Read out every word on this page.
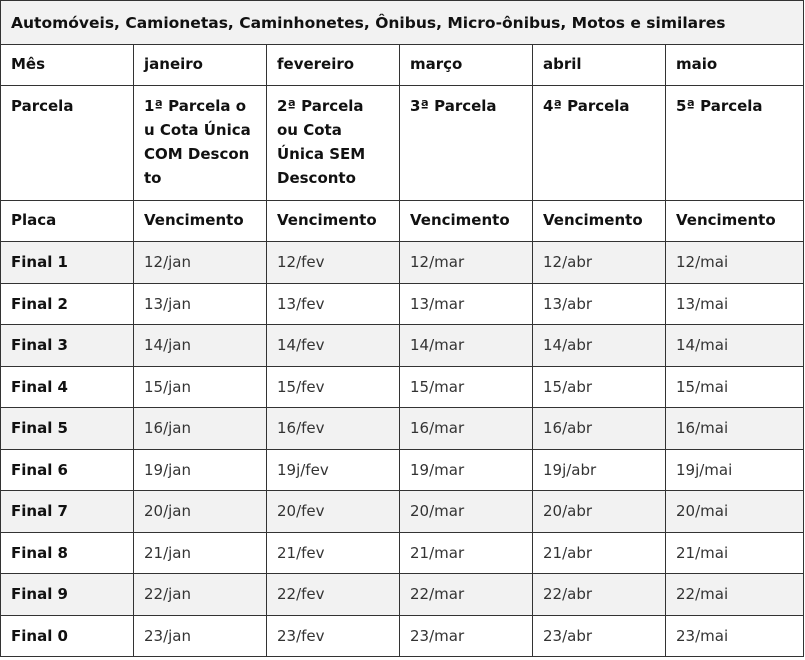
Automóveis, Camionetas, Caminhonetes, Ônibus, Micro-ônibus, Motos e similares					
Mês	janeiro	fevereiro	março	abril	maio
Parcela	1ª Parcela ou Cota Única COM Desconto	2ª Parcela ou Cota Única SEM Desconto	3ª Parcela	4ª Parcela	5ª Parcela
Placa	Vencimento	Vencimento	Vencimento	Vencimento	Vencimento
Final 1	12/jan	12/fev	12/mar	12/abr	12/mai
Final 2	13/jan	13/fev	13/mar	13/abr	13/mai
Final 3	14/jan	14/fev	14/mar	14/abr	14/mai
Final 4	15/jan	15/fev	15/mar	15/abr	15/mai
Final 5	16/jan	16/fev	16/mar	16/abr	16/mai
Final 6	19/jan	19j/fev	19/mar	19j/abr	19j/mai
Final 7	20/jan	20/fev	20/mar	20/abr	20/mai
Final 8	21/jan	21/fev	21/mar	21/abr	21/mai
Final 9	22/jan	22/fev	22/mar	22/abr	22/mai
Final 0	23/jan	23/fev	23/mar	23/abr	23/mai
